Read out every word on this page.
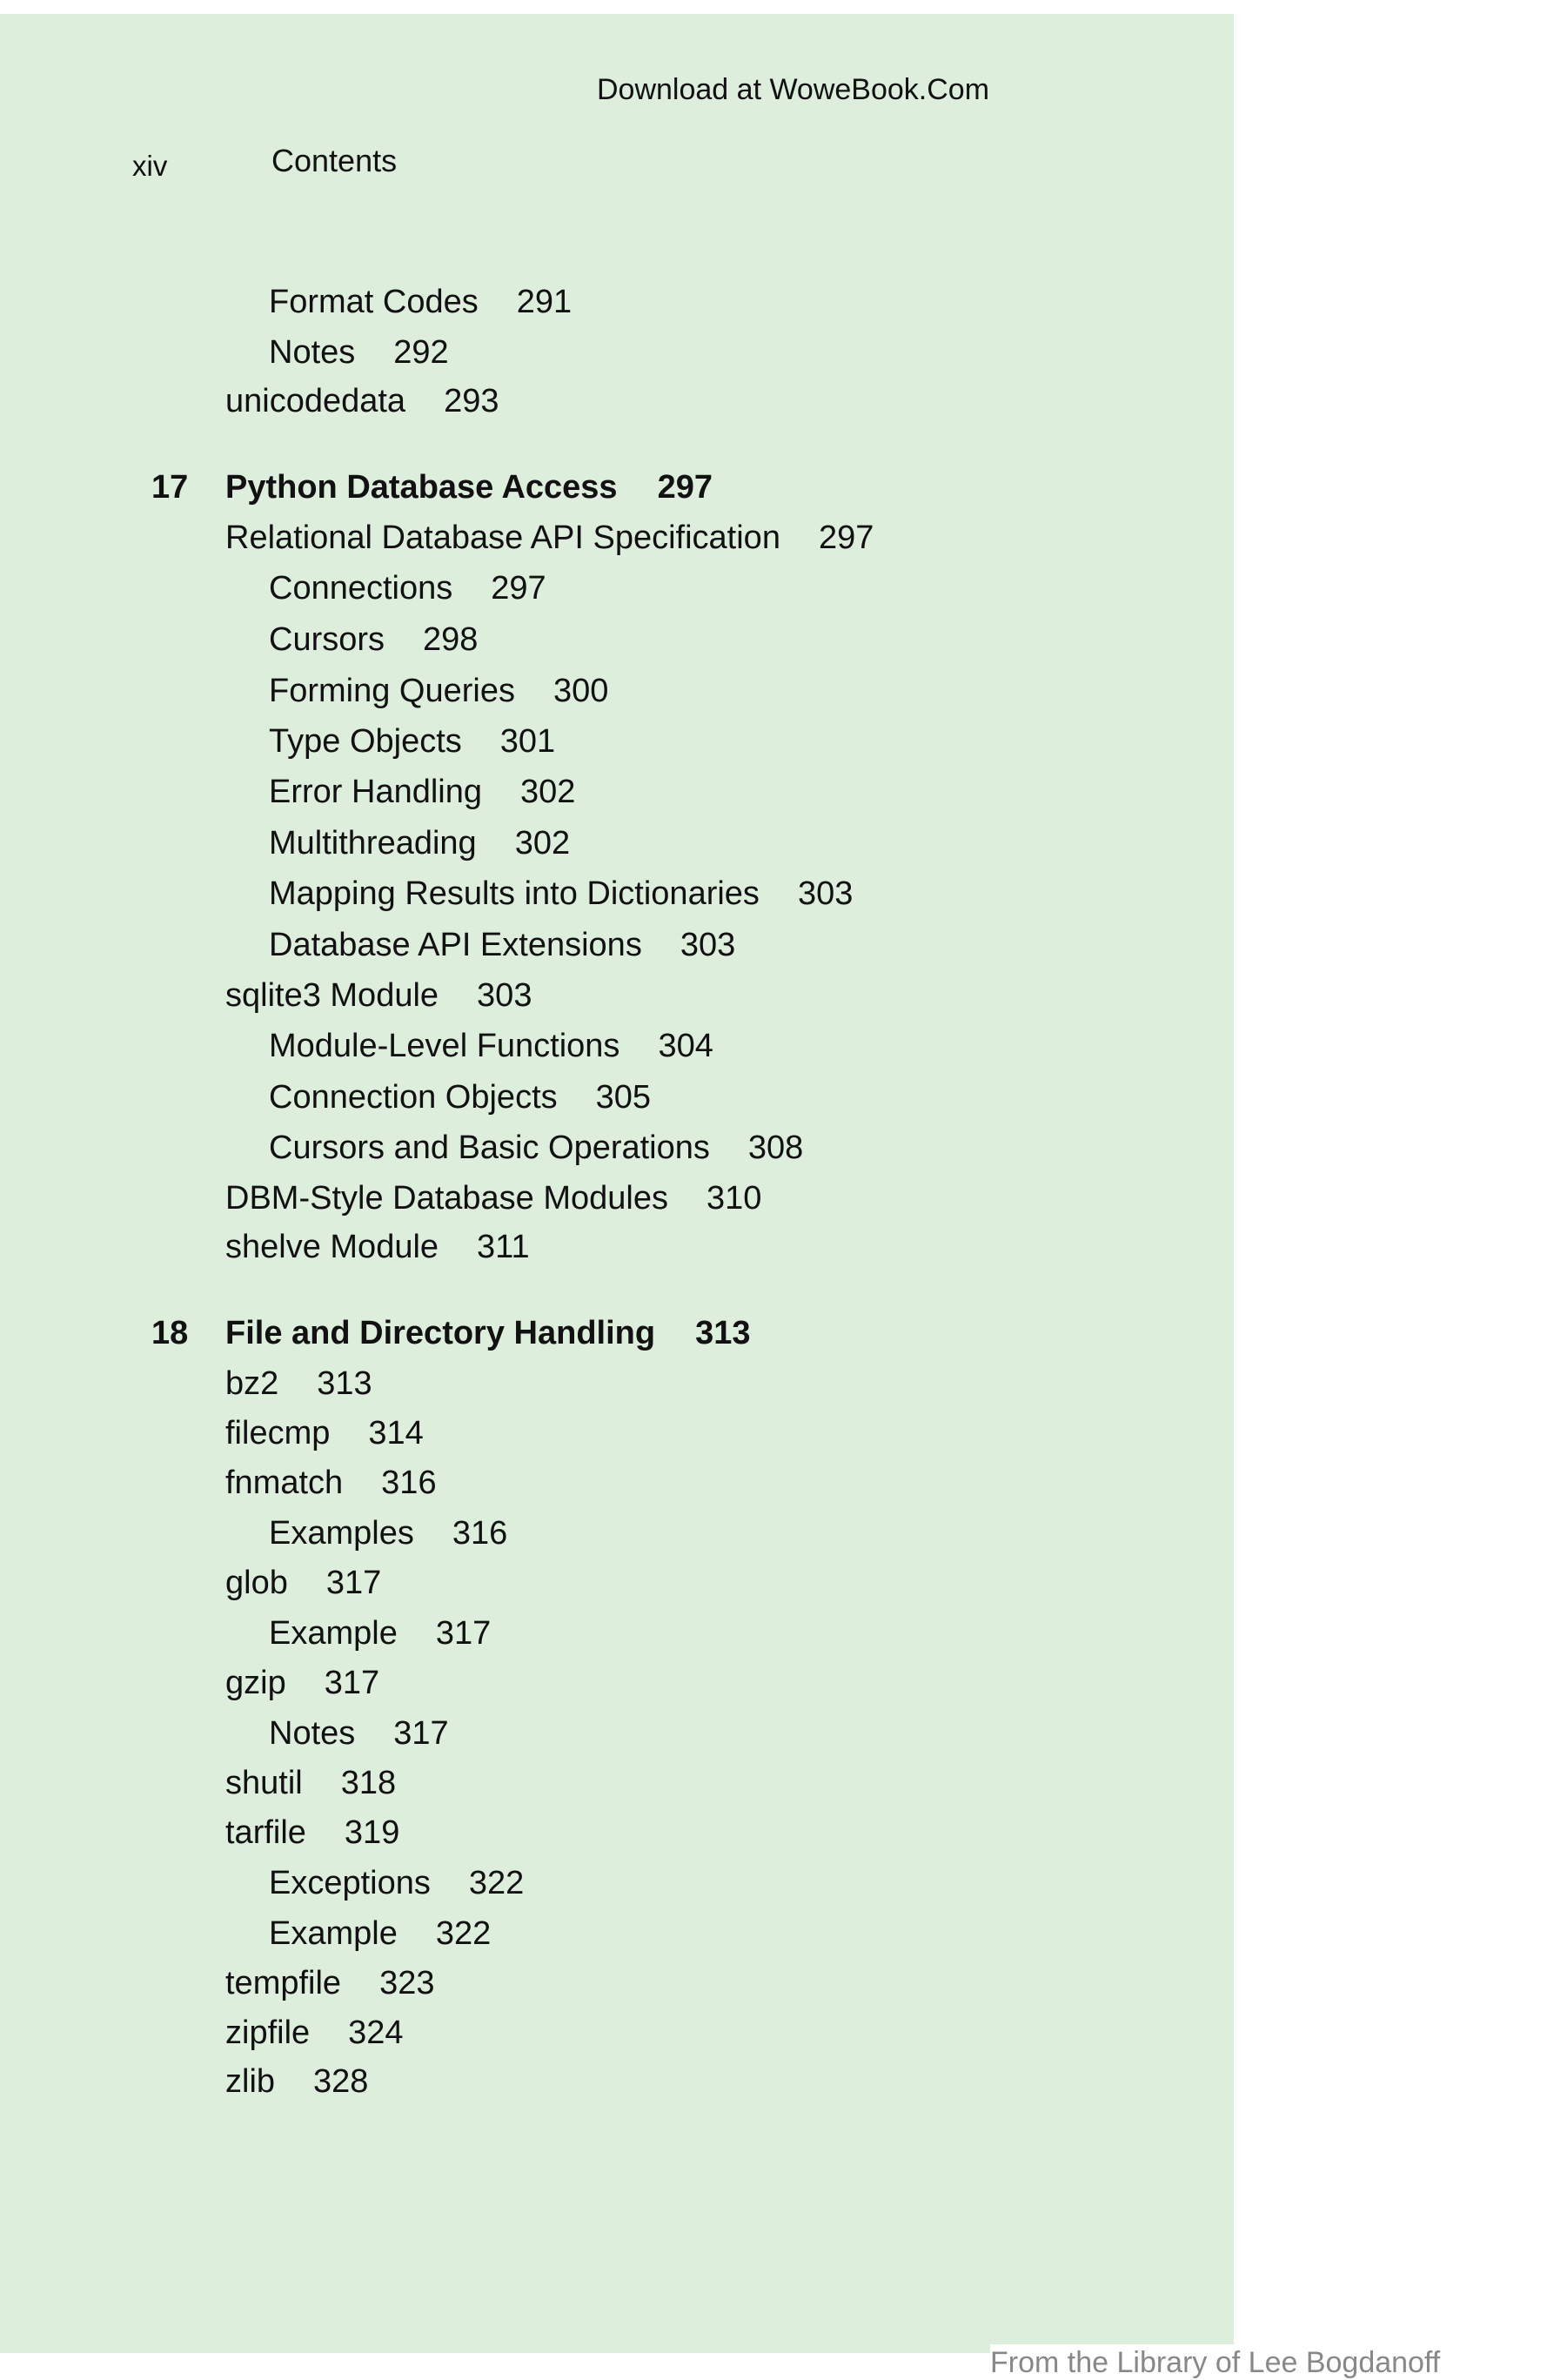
Download at WoweBook.Com
xiv	Contents
Format Codes 291
Notes 292
unicodedata 293
17 Python Database Access 297
Relational Database API Specification 297
Connections 297
Cursors 298
Forming Queries 300
Type Objects 301
Error Handling 302
Multithreading 302
Mapping Results into Dictionaries 303
Database API Extensions 303
sqlite3 Module 303
Module-Level Functions 304
Connection Objects 305
Cursors and Basic Operations 308
DBM-Style Database Modules 310
shelve Module 311
18 File and Directory Handling 313
bz2 313
filecmp 314
fnmatch 316
Examples 316
glob 317
Example 317
gzip 317
Notes 317
shutil 318
tarfile 319
Exceptions 322
Example 322
tempfile 323
zipfile 324
zlib 328
From the Library of Lee Bogdanoff
